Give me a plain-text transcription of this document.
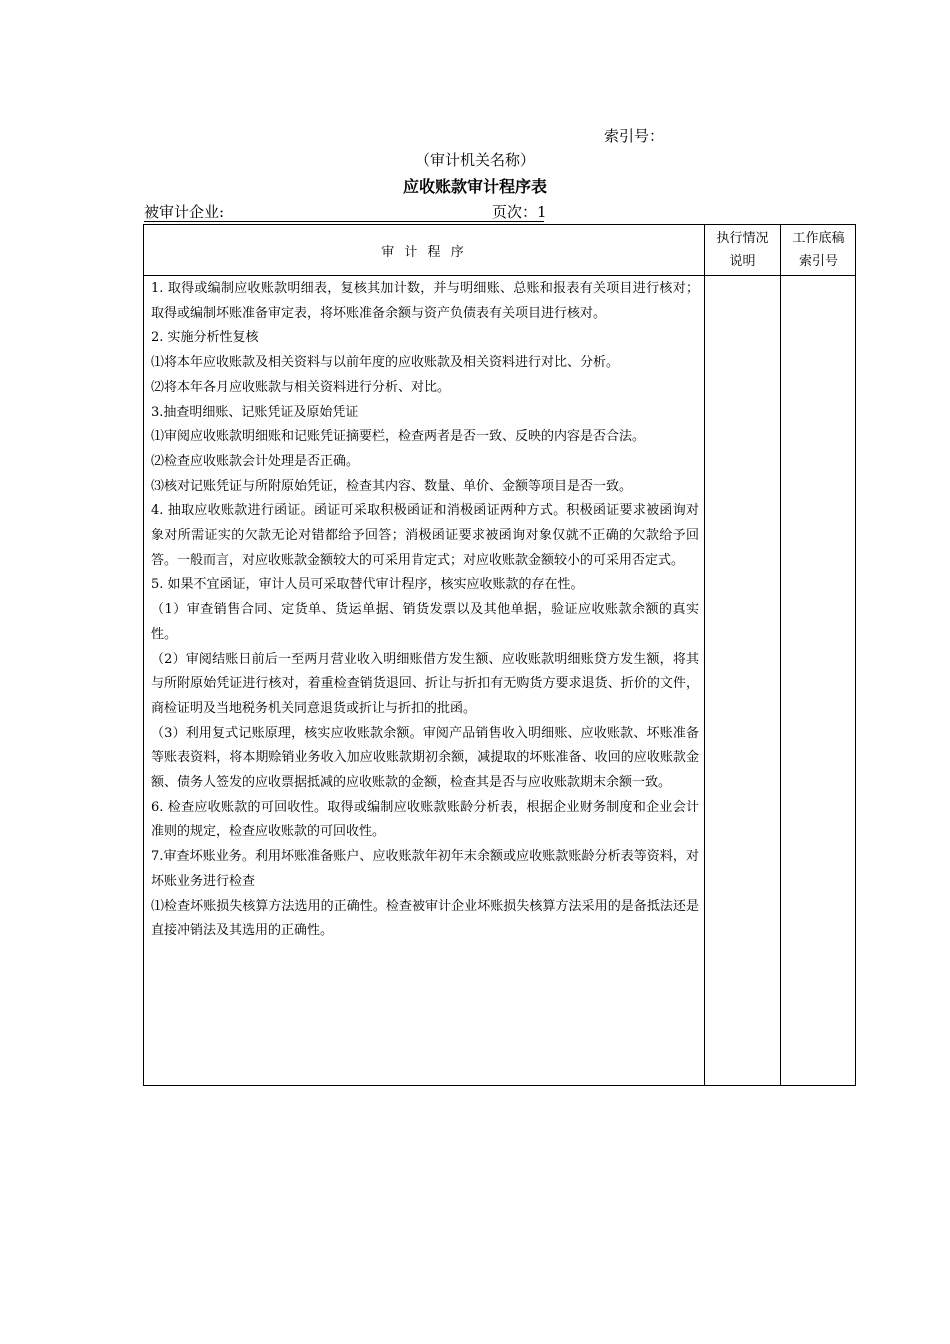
索引号：
（审计机关名称）
应收账款审计程序表
被审计企业:	页次：1
审 计 程 序
执行情况
说明
工作底稿
索引号

1. 取得或编制应收账款明细表，复核其加计数，并与明细账、总账和报表有关项目进行核对；取得或编制坏账准备审定表，将坏账准备余额与资产负债表有关项目进行核对。

2. 实施分析性复核

⑴将本年应收账款及相关资料与以前年度的应收账款及相关资料进行对比、分析。

⑵将本年各月应收账款与相关资料进行分析、对比。

3.抽查明细账、记账凭证及原始凭证

⑴审阅应收账款明细账和记账凭证摘要栏，检查两者是否一致、反映的内容是否合法。

⑵检查应收账款会计处理是否正确。

⑶核对记账凭证与所附原始凭证，检查其内容、数量、单价、金额等项目是否一致。

4. 抽取应收账款进行函证。函证可采取积极函证和消极函证两种方式。积极函证要求被函询对象对所需证实的欠款无论对错都给予回答；消极函证要求被函询对象仅就不正确的欠款给予回答。一般而言，对应收账款金额较大的可采用肯定式；对应收账款金额较小的可采用否定式。

5. 如果不宜函证，审计人员可采取替代审计程序，核实应收账款的存在性。

（1）审查销售合同、定货单、货运单据、销货发票以及其他单据，验证应收账款余额的真实性。

（2）审阅结账日前后一至两月营业收入明细账借方发生额、应收账款明细账贷方发生额，将其与所附原始凭证进行核对，着重检查销货退回、折让与折扣有无购货方要求退货、折价的文件，商检证明及当地税务机关同意退货或折让与折扣的批函。

（3）利用复式记账原理，核实应收账款余额。审阅产品销售收入明细账、应收账款、坏账准备等账表资料，将本期赊销业务收入加应收账款期初余额，减提取的坏账准备、收回的应收账款金额、债务人签发的应收票据抵减的应收账款的金额，检查其是否与应收账款期末余额一致。

6. 检查应收账款的可回收性。取得或编制应收账款账龄分析表，根据企业财务制度和企业会计准则的规定，检查应收账款的可回收性。

7.审查坏账业务。利用坏账准备账户、应收账款年初年末余额或应收账款账龄分析表等资料，对坏账业务进行检查

⑴检查坏账损失核算方法选用的正确性。检查被审计企业坏账损失核算方法采用的是备抵法还是直接冲销法及其选用的正确性。
